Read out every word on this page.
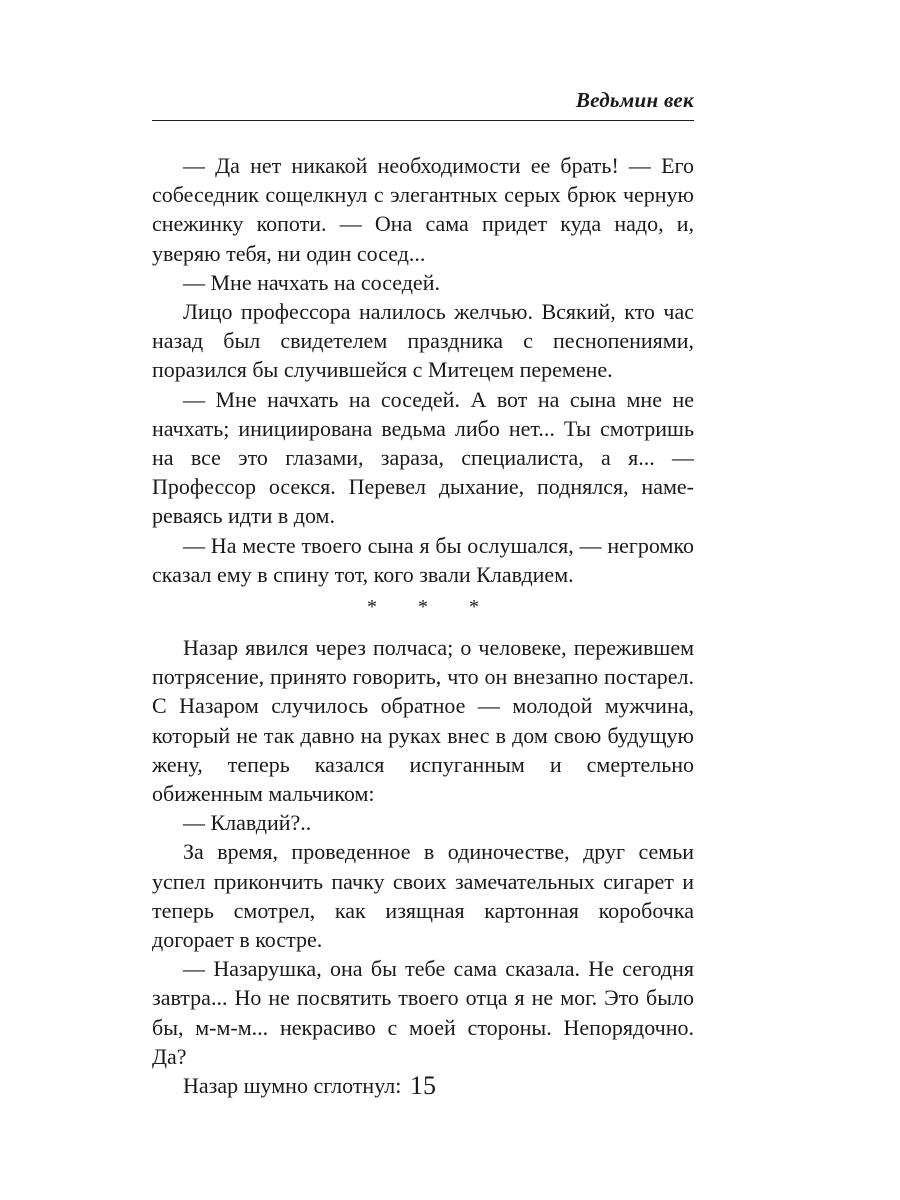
Ведьмин век

— Да нет никакой необходимости ее брать! — Его собеседник сощелкнул с элегантных серых брюк черную снежинку копоти. — Она сама придет куда надо, и, уверяю тебя, ни один сосед...

— Мне начхать на соседей.

Лицо профессора налилось желчью. Всякий, кто час назад был свидетелем праздника с песнопениями, поразился бы случившейся с Митецем перемене.

— Мне начхать на соседей. А вот на сына мне не начхать; инициирована ведьма либо нет... Ты смотришь на все это глазами, зараза, специалиста, а я... — Профессор осекся. Перевел дыхание, поднялся, намереваясь идти в дом.

— На месте твоего сына я бы ослушался, — негромко сказал ему в спину тот, кого звали Клавдием.

* * *

Назар явился через полчаса; о человеке, пережившем потрясение, принято говорить, что он внезапно постарел. С Назаром случилось обратное — молодой мужчина, который не так давно на руках внес в дом свою будущую жену, теперь казался испуганным и смертельно обиженным мальчиком:

— Клавдий?..

За время, проведенное в одиночестве, друг семьи успел прикончить пачку своих замечательных сигарет и теперь смотрел, как изящная картонная коробочка догорает в костре.

— Назарушка, она бы тебе сама сказала. Не сегодня завтра... Но не посвятить твоего отца я не мог. Это было бы, м-м-м... некрасиво с моей стороны. Непорядочно. Да?

Назар шумно сглотнул: 15
